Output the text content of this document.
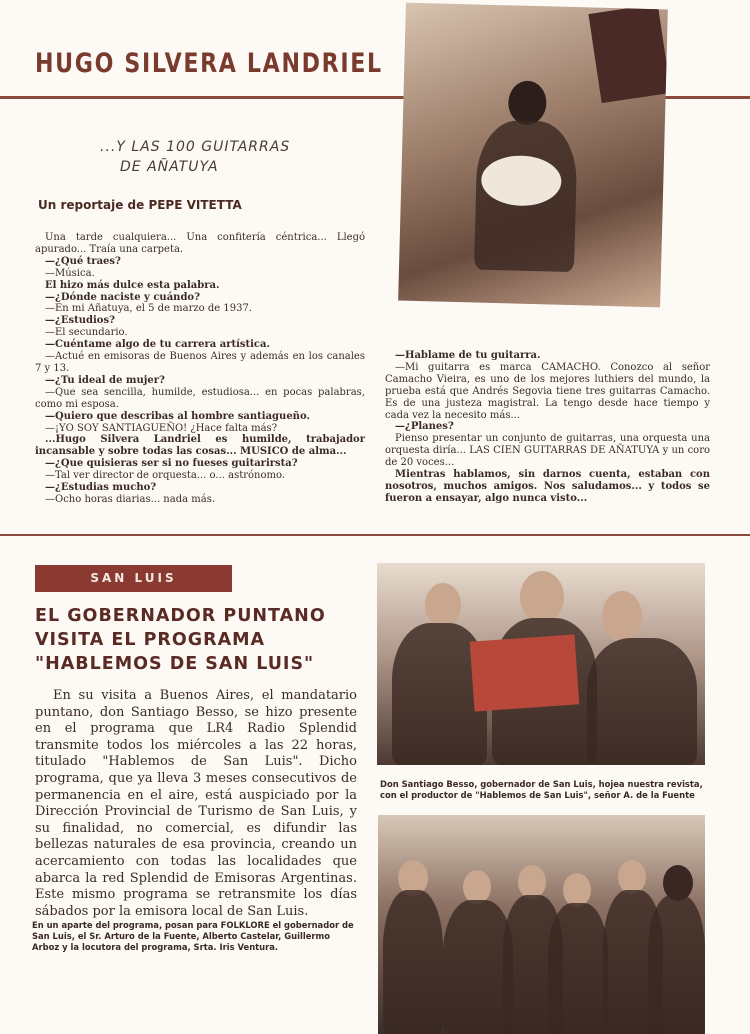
HUGO SILVERA LANDRIEL
...Y LAS 100 GUITARRAS
DE AÑATUYA
Un reportaje de PEPE VITETTA

Una tarde cualquiera... Una confitería céntrica... Llegó apurado... Traía una carpeta.

—¿Qué traes?

—Música.

El hizo más dulce esta palabra.

—¿Dónde naciste y cuándo?

—En mi Añatuya, el 5 de marzo de 1937.

—¿Estudios?

—El secundario.

—Cuéntame algo de tu carrera artística.

—Actué en emisoras de Buenos Aires y además en los canales 7 y 13.

—¿Tu ideal de mujer?

—Que sea sencilla, humilde, estudiosa... en pocas palabras, como mi esposa.

—Quiero que describas al hombre santiagueño.

—¡YO SOY SANTIAGUEÑO! ¿Hace falta más?

...Hugo Silvera Landriel es humilde, trabajador incansable y sobre todas las cosas... MUSICO de alma...

—¿Que quisieras ser si no fueses guitarirsta?

—Tal ver director de orquesta... o... astrónomo.

—¿Estudias mucho?

—Ocho horas diarias... nada más.

—Hablame de tu guitarra.

—Mi guitarra es marca CAMACHO. Conozco al señor Camacho Vieira, es uno de los mejores luthiers del mundo, la prueba está que Andrés Segovia tiene tres guitarras Camacho. Es de una justeza magistral. La tengo desde hace tiempo y cada vez la necesito más...

—¿Planes?

Pienso presentar un conjunto de guitarras, una orquesta una orquesta diría... LAS CIEN GUITARRAS DE AÑATUYA y un coro de 20 voces...

Mientras hablamos, sin darnos cuenta, estaban con nosotros, muchos amigos. Nos saludamos... y todos se fueron a ensayar, algo nunca visto...

SAN LUIS
EL GOBERNADOR PUNTANO
VISITA EL PROGRAMA
"HABLEMOS DE SAN LUIS"
En su visita a Buenos Aires, el mandatario puntano, don Santiago Besso, se hizo presente en el programa que LR4 Radio Splendid transmite todos los miércoles a las 22 horas, titulado "Hablemos de San Luis". Dicho programa, que ya lleva 3 meses consecutivos de permanencia en el aire, está auspiciado por la Dirección Provincial de Turismo de San Luis, y su finalidad, no comercial, es difundir las bellezas naturales de esa provincia, creando un acercamiento con todas las localidades que abarca la red Splendid de Emisoras Argentinas. Este mismo programa se retransmite los días sábados por la emisora local de San Luis.
En un aparte del programa, posan para FOLKLORE el gobernador de San Luis, el Sr. Arturo de la Fuente, Alberto Castelar, Guillermo Arboz y la locutora del programa, Srta. Iris Ventura.
Don Santiago Besso, gobernador de San Luis, hojea nuestra revista, con el productor de "Hablemos de San Luis", señor A. de la Fuente
